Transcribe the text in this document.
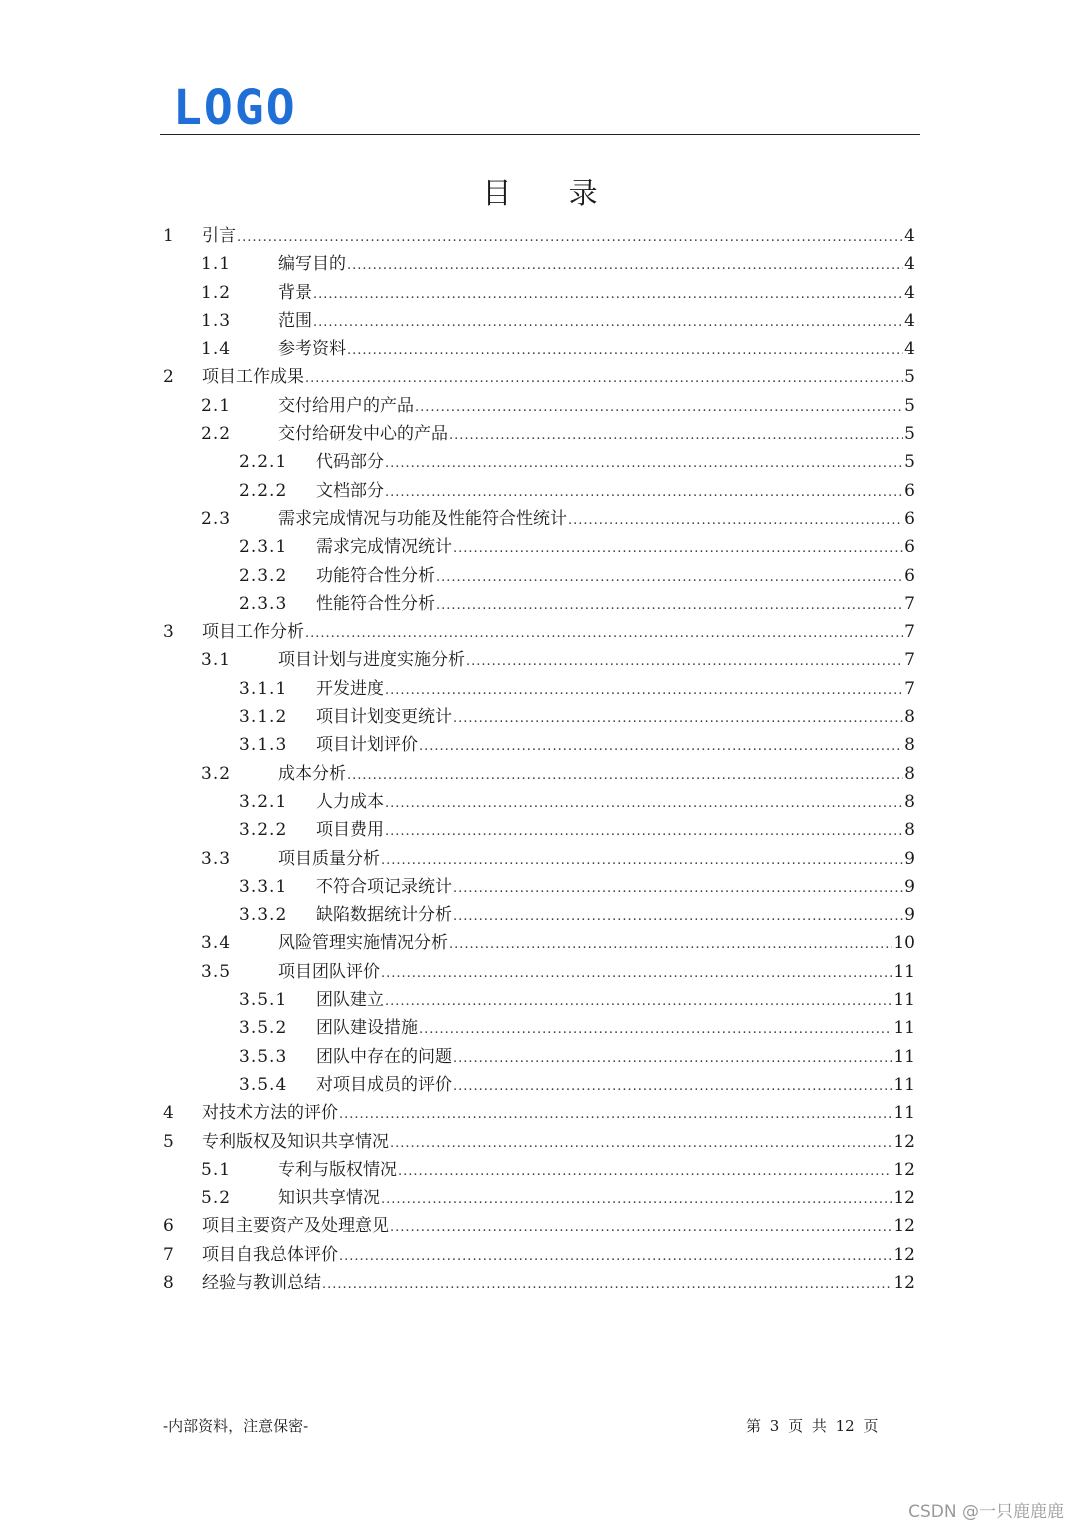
LOGO
目 录
1 引言 .....	4
1.1	编写目的 .....	4
1.2	背景 .....	4
1.3	范围 .....	4
1.4	参考资料 .....	4
2 项目工作成果 .....	5
2.1	交付给用户的产品 .....	5
2.2	交付给研发中心的产品 .....	5
2.2.1 代码部分 .....	5
2.2.2 文档部分 .....	6
2.3	需求完成情况与功能及性能符合性统计 .....	6
2.3.1 需求完成情况统计 .....	6
2.3.2 功能符合性分析 .....	6
2.3.3 性能符合性分析 .....	7
3 项目工作分析 .....	7
3.1	项目计划与进度实施分析 .....	7
3.1.1 开发进度 .....	7
3.1.2 项目计划变更统计 .....	8
3.1.3 项目计划评价 .....	8
3.2	成本分析 .....	8
3.2.1 人力成本 .....	8
3.2.2 项目费用 .....	8
3.3	项目质量分析 .....	9
3.3.1 不符合项记录统计 .....	9
3.3.2 缺陷数据统计分析 .....	9
3.4	风险管理实施情况分析 .....	10
3.5	项目团队评价 .....	11
3.5.1 团队建立 .....	11
3.5.2 团队建设措施 .....	11
3.5.3 团队中存在的问题 .....	11
3.5.4 对项目成员的评价 .....	11
4 对技术方法的评价 .....	11
5 专利版权及知识共享情况 .....	12
5.1	专利与版权情况 .....	12
5.2	知识共享情况 .....	12
6 项目主要资产及处理意见 .....	12
7 项目自我总体评价 .....	12
8 经验与教训总结 .....	12
-内部资料，注意保密-	第 3 页 共 12 页
CSDN @一只鹿鹿鹿
